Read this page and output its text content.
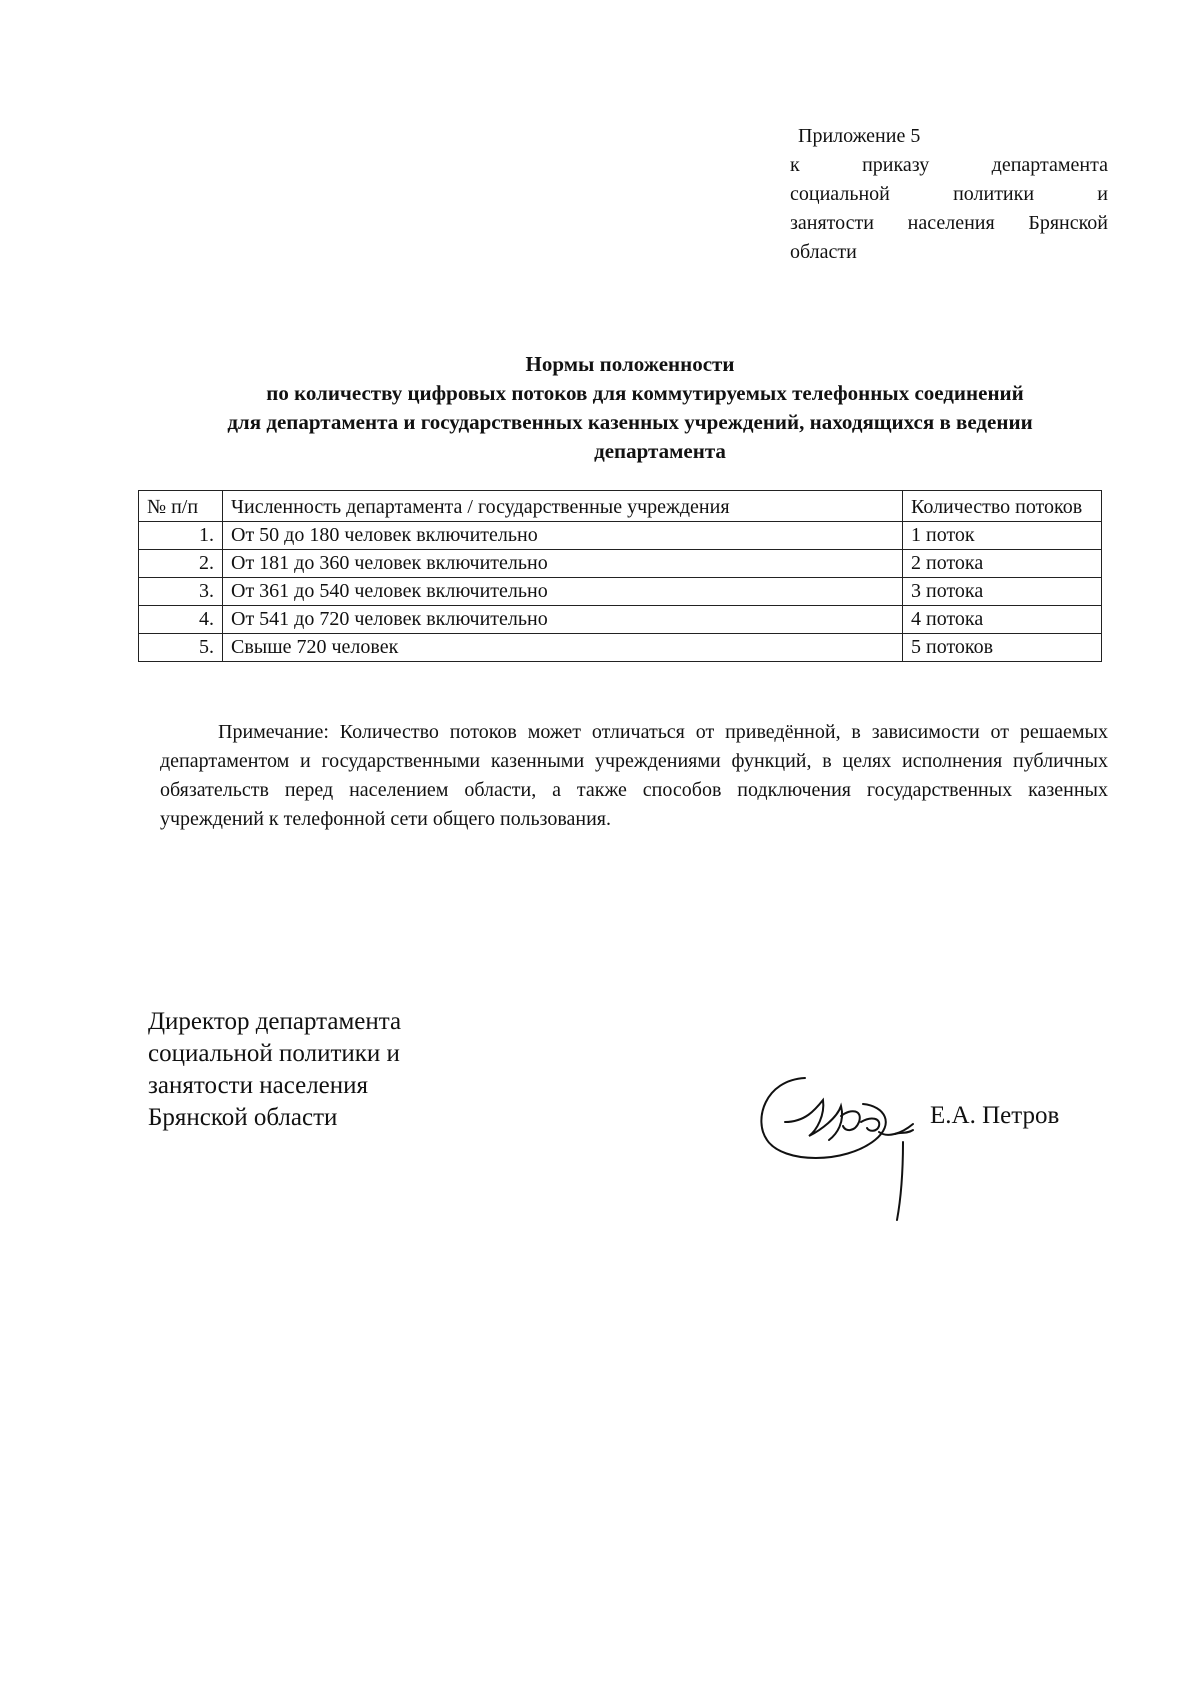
Приложение 5
к приказу департамента
социальной политики и
занятости населения Брянской
области
Нормы положенности
по количеству цифровых потоков для коммутируемых телефонных соединений
для департамента и государственных казенных учреждений, находящихся в ведении
департамента
№ п/п	Численность департамента / государственные учреждения	Количество потоков
1.	От 50 до 180 человек включительно	1 поток
2.	От 181 до 360 человек включительно	2 потока
3.	От 361 до 540 человек включительно	3 потока
4.	От 541 до 720 человек включительно	4 потока
5.	Свыше 720 человек	5 потоков
Примечание: Количество потоков может отличаться от приведённой, в зависимости от решаемых департаментом и государственными казенными учреждениями функций, в целях исполнения публичных обязательств перед населением области, а также способов подключения государственных казенных учреждений к телефонной сети общего пользования.
Директор департамента
социальной политики и
занятости населения
Брянской области	Е.А. Петров
